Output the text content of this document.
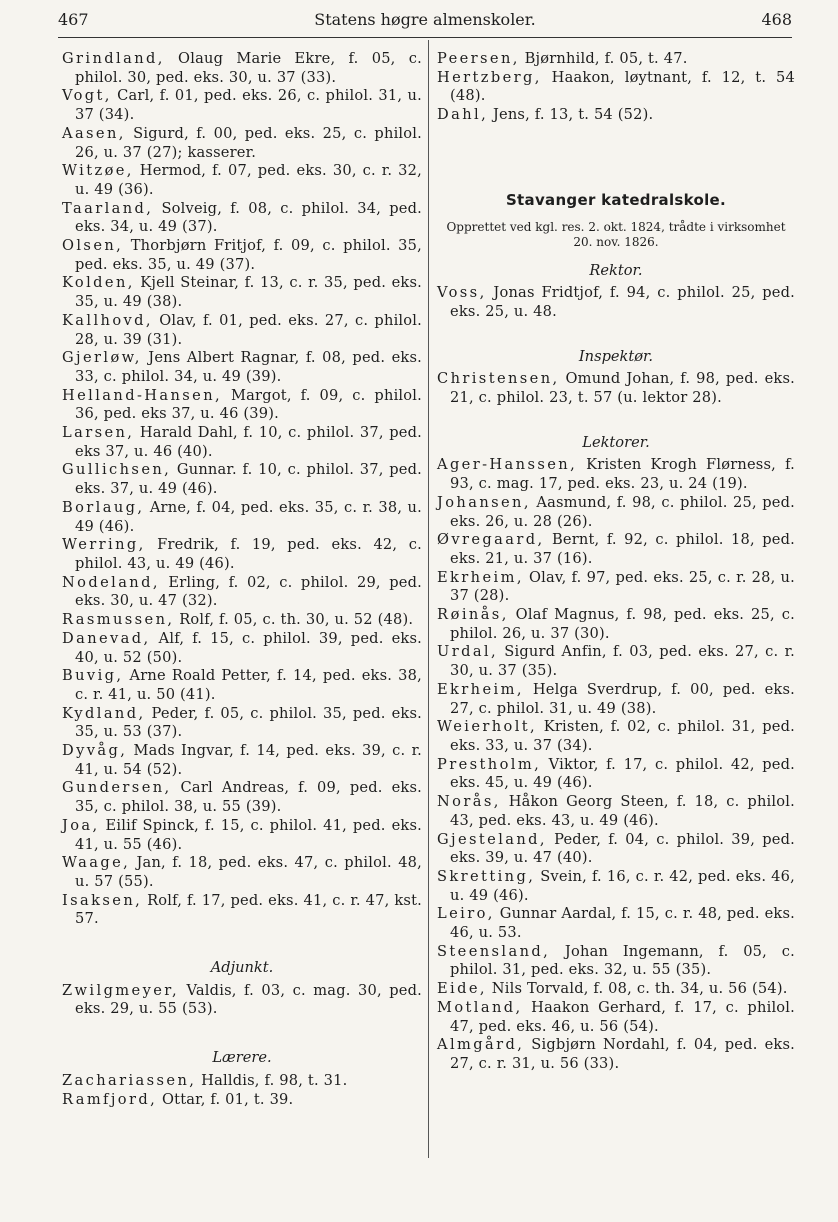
467	Statens høgre almenskoler.	468
Grindland, Olaug Marie Ekre, f. 05, c. philol. 30, ped. eks. 30, u. 37 (33).
Vogt, Carl, f. 01, ped. eks. 26, c. philol. 31, u. 37 (34).
Aasen, Sigurd, f. 00, ped. eks. 25, c. philol. 26, u. 37 (27); kasserer.
Witzøe, Hermod, f. 07, ped. eks. 30, c. r. 32, u. 49 (36).
Taarland, Solveig, f. 08, c. philol. 34, ped. eks. 34, u. 49 (37).
Olsen, Thorbjørn Fritjof, f. 09, c. philol. 35, ped. eks. 35, u. 49 (37).
Kolden, Kjell Steinar, f. 13, c. r. 35, ped. eks. 35, u. 49 (38).
Kallhovd, Olav, f. 01, ped. eks. 27, c. philol. 28, u. 39 (31).
Gjerløw, Jens Albert Ragnar, f. 08, ped. eks. 33, c. philol. 34, u. 49 (39).
Helland-Hansen, Margot, f. 09, c. philol. 36, ped. eks 37, u. 46 (39).
Larsen, Harald Dahl, f. 10, c. philol. 37, ped. eks 37, u. 46 (40).
Gullichsen, Gunnar. f. 10, c. philol. 37, ped. eks. 37, u. 49 (46).
Borlaug, Arne, f. 04, ped. eks. 35, c. r. 38, u. 49 (46).
Werring, Fredrik, f. 19, ped. eks. 42, c. philol. 43, u. 49 (46).
Nodeland, Erling, f. 02, c. philol. 29, ped. eks. 30, u. 47 (32).
Rasmussen, Rolf, f. 05, c. th. 30, u. 52 (48).
Danevad, Alf, f. 15, c. philol. 39, ped. eks. 40, u. 52 (50).
Buvig, Arne Roald Petter, f. 14, ped. eks. 38, c. r. 41, u. 50 (41).
Kydland, Peder, f. 05, c. philol. 35, ped. eks. 35, u. 53 (37).
Dyvåg, Mads Ingvar, f. 14, ped. eks. 39, c. r. 41, u. 54 (52).
Gundersen, Carl Andreas, f. 09, ped. eks. 35, c. philol. 38, u. 55 (39).
Joa, Eilif Spinck, f. 15, c. philol. 41, ped. eks. 41, u. 55 (46).
Waage, Jan, f. 18, ped. eks. 47, c. philol. 48, u. 57 (55).
Isaksen, Rolf, f. 17, ped. eks. 41, c. r. 47, kst. 57.
Adjunkt.
Zwilgmeyer, Valdis, f. 03, c. mag. 30, ped. eks. 29, u. 55 (53).
Lærere.
Zachariassen, Halldis, f. 98, t. 31.
Ramfjord, Ottar, f. 01, t. 39.
Peersen, Bjørnhild, f. 05, t. 47.
Hertzberg, Haakon, løytnant, f. 12, t. 54 (48).
Dahl, Jens, f. 13, t. 54 (52).
Stavanger katedralskole.
Opprettet ved kgl. res. 2. okt. 1824, trådte i virksomhet 20. nov. 1826.
Rektor.
Voss, Jonas Fridtjof, f. 94, c. philol. 25, ped. eks. 25, u. 48.
Inspektør.
Christensen, Omund Johan, f. 98, ped. eks. 21, c. philol. 23, t. 57 (u. lektor 28).
Lektorer.
Ager-Hanssen, Kristen Krogh Flørness, f. 93, c. mag. 17, ped. eks. 23, u. 24 (19).
Johansen, Aasmund, f. 98, c. philol. 25, ped. eks. 26, u. 28 (26).
Øvregaard, Bernt, f. 92, c. philol. 18, ped. eks. 21, u. 37 (16).
Ekrheim, Olav, f. 97, ped. eks. 25, c. r. 28, u. 37 (28).
Røinås, Olaf Magnus, f. 98, ped. eks. 25, c. philol. 26, u. 37 (30).
Urdal, Sigurd Anfin, f. 03, ped. eks. 27, c. r. 30, u. 37 (35).
Ekrheim, Helga Sverdrup, f. 00, ped. eks. 27, c. philol. 31, u. 49 (38).
Weierholt, Kristen, f. 02, c. philol. 31, ped. eks. 33, u. 37 (34).
Prestholm, Viktor, f. 17, c. philol. 42, ped. eks. 45, u. 49 (46).
Norås, Håkon Georg Steen, f. 18, c. philol. 43, ped. eks. 43, u. 49 (46).
Gjesteland, Peder, f. 04, c. philol. 39, ped. eks. 39, u. 47 (40).
Skretting, Svein, f. 16, c. r. 42, ped. eks. 46, u. 49 (46).
Leiro, Gunnar Aardal, f. 15, c. r. 48, ped. eks. 46, u. 53.
Steensland, Johan Ingemann, f. 05, c. philol. 31, ped. eks. 32, u. 55 (35).
Eide, Nils Torvald, f. 08, c. th. 34, u. 56 (54).
Motland, Haakon Gerhard, f. 17, c. philol. 47, ped. eks. 46, u. 56 (54).
Almgård, Sigbjørn Nordahl, f. 04, ped. eks. 27, c. r. 31, u. 56 (33).
